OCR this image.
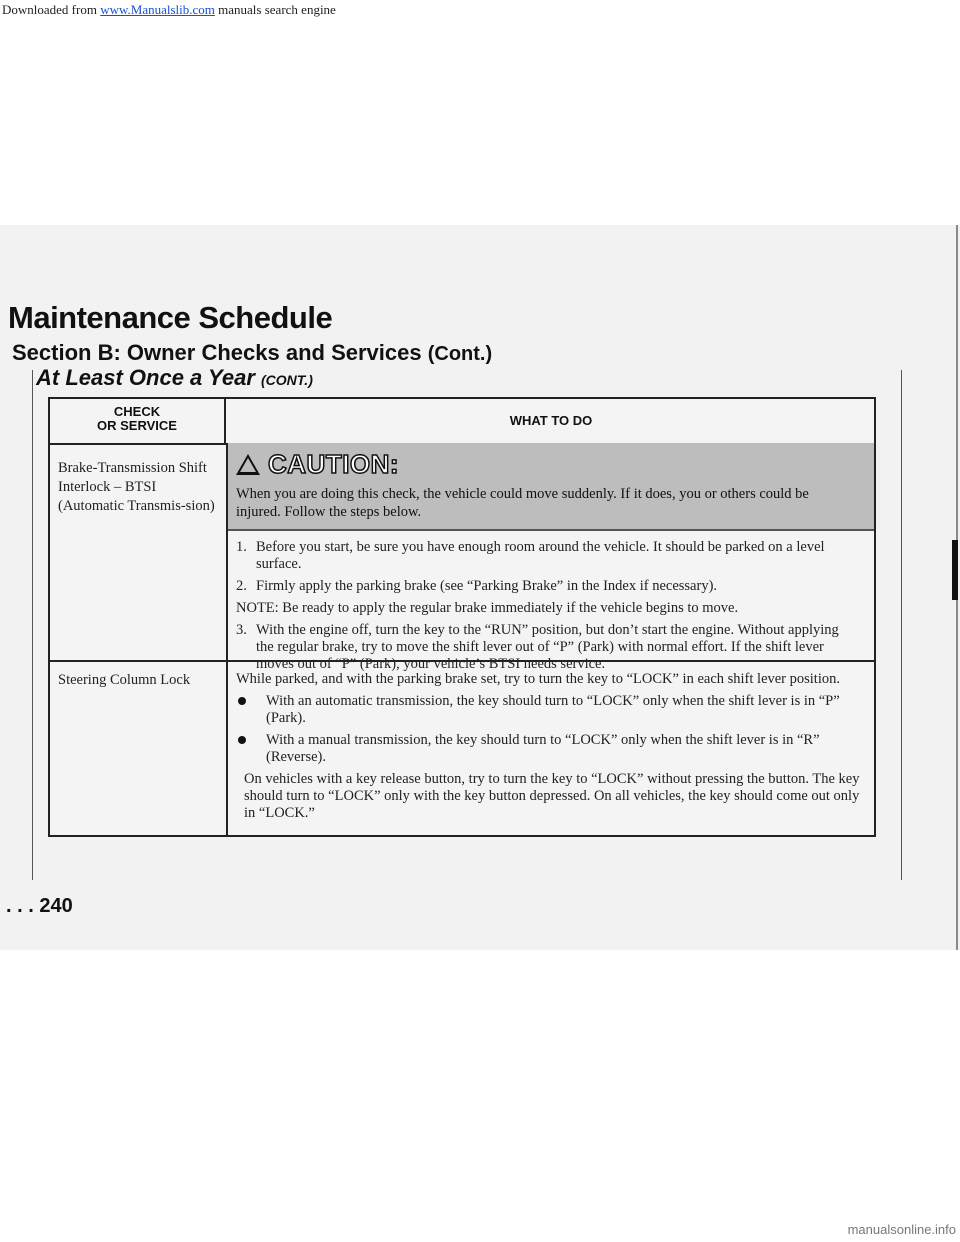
Downloaded from www.Manualslib.com manuals search engine
Maintenance Schedule
Section B: Owner Checks and Services (Cont.)
At Least Once a Year (CONT.)
CHECK
OR SERVICE	WHAT TO DO
Brake-Transmission Shift Interlock – BTSI (Automatic Transmis-sion)
CAUTION:
When you are doing this check, the vehicle could move suddenly. If it does, you or others could be injured. Follow the steps below.
1. Before you start, be sure you have enough room around the vehicle. It should be parked on a level surface.
2. Firmly apply the parking brake (see “Parking Brake” in the Index if necessary).
NOTE: Be ready to apply the regular brake immediately if the vehicle begins to move.
3. With the engine off, turn the key to the “RUN” position, but don’t start the engine. Without applying the regular brake, try to move the shift lever out of “P” (Park) with normal effort. If the shift lever moves out of “P” (Park), your vehicle’s BTSI needs service.
Steering Column Lock	While parked, and with the parking brake set, try to turn the key to “LOCK” in each shift lever position.

With an automatic transmission, the key should turn to “LOCK” only when the shift lever is in “P” (Park).
With a manual transmission, the key should turn to “LOCK” only when the shift lever is in “R” (Reverse).

On vehicles with a key release button, try to turn the key to “LOCK” without pressing the button. The key should turn to “LOCK” only with the key button depressed. On all vehicles, the key should come out only in “LOCK.”

. . . 240

manualsonline.info
